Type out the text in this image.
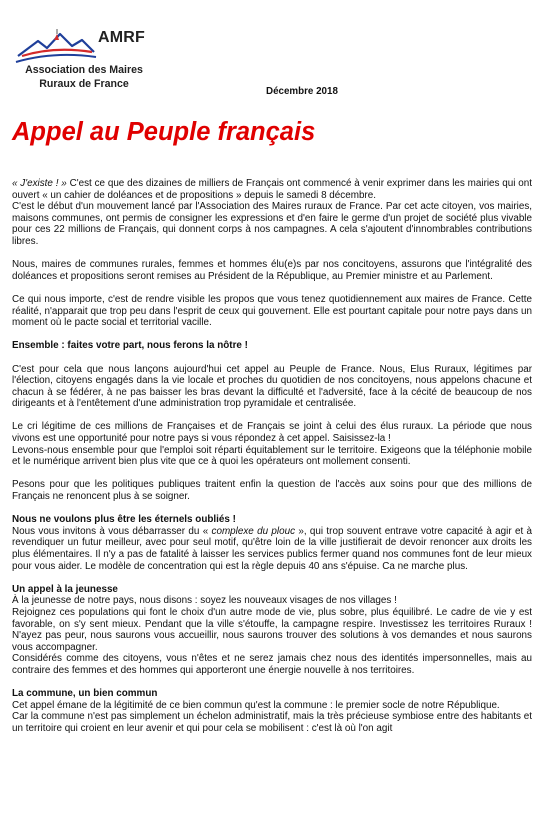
AMRF
Association des Maires
Ruraux de France
Décembre 2018
Appel au Peuple français

« J'existe ! » C'est ce que des dizaines de milliers de Français ont commencé à venir exprimer dans les mairies qui ont ouvert « un cahier de doléances et de propositions » depuis le samedi 8 décembre.

C'est le début d'un mouvement lancé par l'Association des Maires ruraux de France. Par cet acte citoyen, vos mairies, maisons communes, ont permis de consigner les expressions et d'en faire le germe d'un projet de société plus vivable pour ces 22 millions de Français, qui donnent corps à nos campagnes. A cela s'ajoutent d'innombrables contributions libres.

Nous, maires de communes rurales, femmes et hommes élu(e)s par nos concitoyens, assurons que l'intégralité des doléances et propositions seront remises au Président de la République, au Premier ministre et au Parlement.

Ce qui nous importe, c'est de rendre visible les propos que vous tenez quotidiennement aux maires de France. Cette réalité, n'apparait que trop peu dans l'esprit de ceux qui gouvernent. Elle est pourtant capitale pour notre pays dans un moment où le pacte social et territorial vacille.

Ensemble : faites votre part, nous ferons la nôtre !

C'est pour cela que nous lançons aujourd'hui cet appel au Peuple de France. Nous, Elus Ruraux, légitimes par l'élection, citoyens engagés dans la vie locale et proches du quotidien de nos concitoyens, nous appelons chacune et chacun à se fédérer, à ne pas baisser les bras devant la difficulté et l'adversité, face à la cécité de beaucoup de nos dirigeants et à l'entêtement d'une administration trop pyramidale et centralisée.

Le cri légitime de ces millions de Françaises et de Français se joint à celui des élus ruraux. La période que nous vivons est une opportunité pour notre pays si vous répondez à cet appel. Saisissez-la !

Levons-nous ensemble pour que l'emploi soit réparti équitablement sur le territoire. Exigeons que la téléphonie mobile et le numérique arrivent bien plus vite que ce à quoi les opérateurs ont mollement consenti.

Pesons pour que les politiques publiques traitent enfin la question de l'accès aux soins pour que des millions de Français ne renoncent plus à se soigner.

Nous ne voulons plus être les éternels oubliés !

Nous vous invitons à vous débarrasser du « complexe du plouc », qui trop souvent entrave votre capacité à agir et à revendiquer un futur meilleur, avec pour seul motif, qu'être loin de la ville justifierait de devoir renoncer aux droits les plus élémentaires. Il n'y a pas de fatalité à laisser les services publics fermer quand nos communes font de leur mieux pour vous aider. Le modèle de concentration qui est la règle depuis 40 ans s'épuise. Ca ne marche plus.

Un appel à la jeunesse

À la jeunesse de notre pays, nous disons : soyez les nouveaux visages de nos villages !

Rejoignez ces populations qui font le choix d'un autre mode de vie, plus sobre, plus équilibré. Le cadre de vie y est favorable, on s'y sent mieux. Pendant que la ville s'étouffe, la campagne respire. Investissez les territoires Ruraux ! N'ayez pas peur, nous saurons vous accueillir, nous saurons trouver des solutions à vos demandes et nous saurons vous accompagner.

Considérés comme des citoyens, vous n'êtes et ne serez jamais chez nous des identités impersonnelles, mais au contraire des femmes et des hommes qui apporteront une énergie nouvelle à nos territoires.

La commune, un bien commun

Cet appel émane de la légitimité de ce bien commun qu'est la commune : le premier socle de notre République.

Car la commune n'est pas simplement un échelon administratif, mais la très précieuse symbiose entre des habitants et un territoire qui croient en leur avenir et qui pour cela se mobilisent : c'est là où l'on agit
